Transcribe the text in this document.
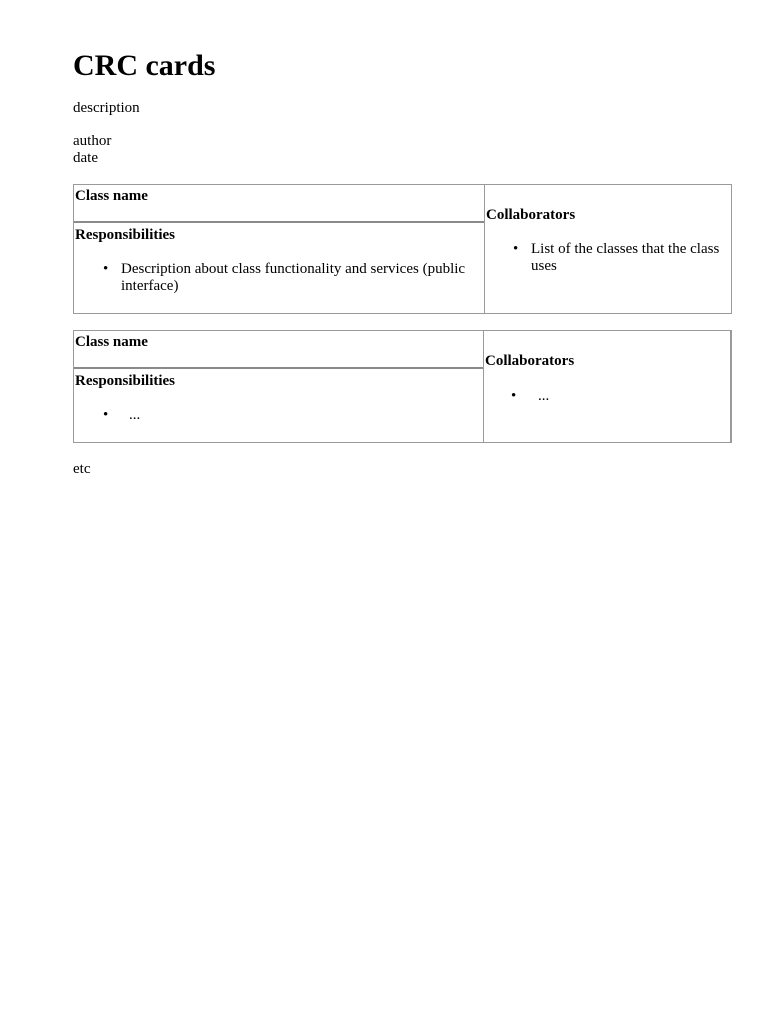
CRC cards
description
author
date
Class name
Responsibilities
• Description about class functionality and services (public interface)
Collaborators
• List of the classes that the class uses
Class name
Responsibilities
• ...
Collaborators
• ...
etc
